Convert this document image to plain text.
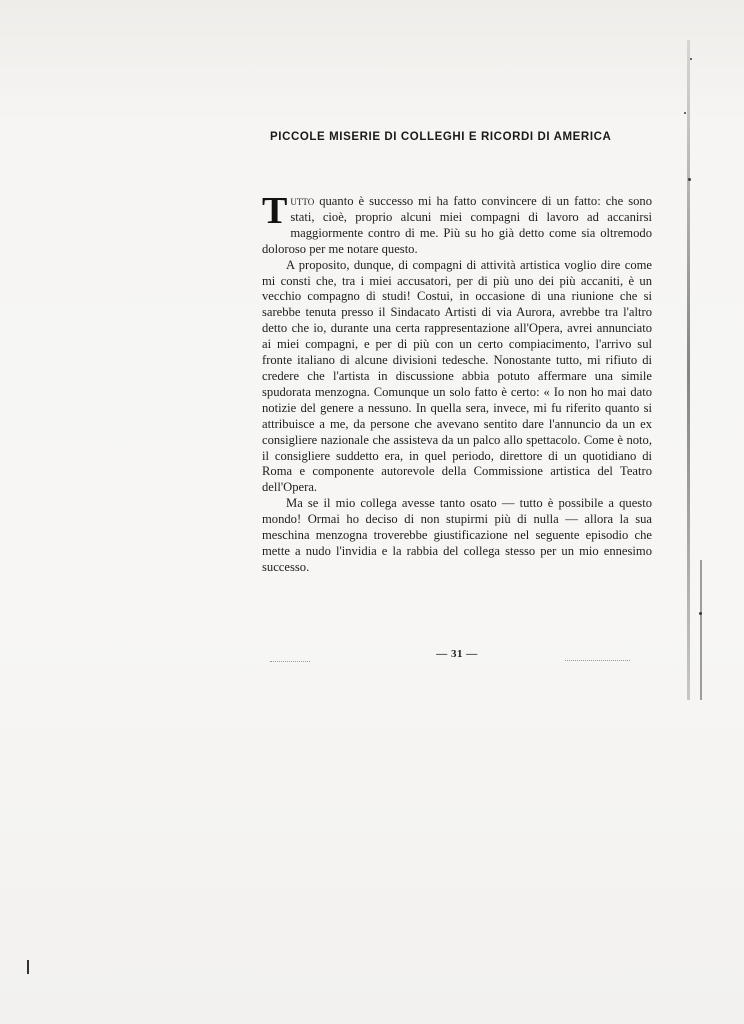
PICCOLE MISERIE DI COLLEGHI E RICORDI DI AMERICA

Tutto quanto è successo mi ha fatto convincere di un fatto: che sono stati, cioè, proprio alcuni miei compagni di lavoro ad accanirsi maggiormente contro di me. Più su ho già detto come sia oltremodo doloroso per me notare questo.

A proposito, dunque, di compagni di attività artistica voglio dire come mi consti che, tra i miei accusatori, per di più uno dei più accaniti, è un vecchio compagno di studi! Costui, in occasione di una riunione che si sarebbe tenuta presso il Sindacato Artisti di via Aurora, avrebbe tra l'altro detto che io, durante una certa rappresentazione all'Opera, avrei annunciato ai miei compagni, e per di più con un certo compiacimento, l'arrivo sul fronte italiano di alcune divisioni tedesche. Nonostante tutto, mi rifiuto di credere che l'artista in discussione abbia potuto affermare una simile spudorata menzogna. Comunque un solo fatto è certo: « Io non ho mai dato notizie del genere a nessuno. In quella sera, invece, mi fu riferito quanto si attribuisce a me, da persone che avevano sentito dare l'annuncio da un ex consigliere nazionale che assisteva da un palco allo spettacolo. Come è noto, il consigliere suddetto era, in quel periodo, direttore di un quotidiano di Roma e componente autorevole della Commissione artistica del Teatro dell'Opera.

Ma se il mio collega avesse tanto osato — tutto è possibile a questo mondo! Ormai ho deciso di non stupirmi più di nulla — allora la sua meschina menzogna troverebbe giustificazione nel seguente episodio che mette a nudo l'invidia e la rabbia del collega stesso per un mio ennesimo successo.

— 31 —
